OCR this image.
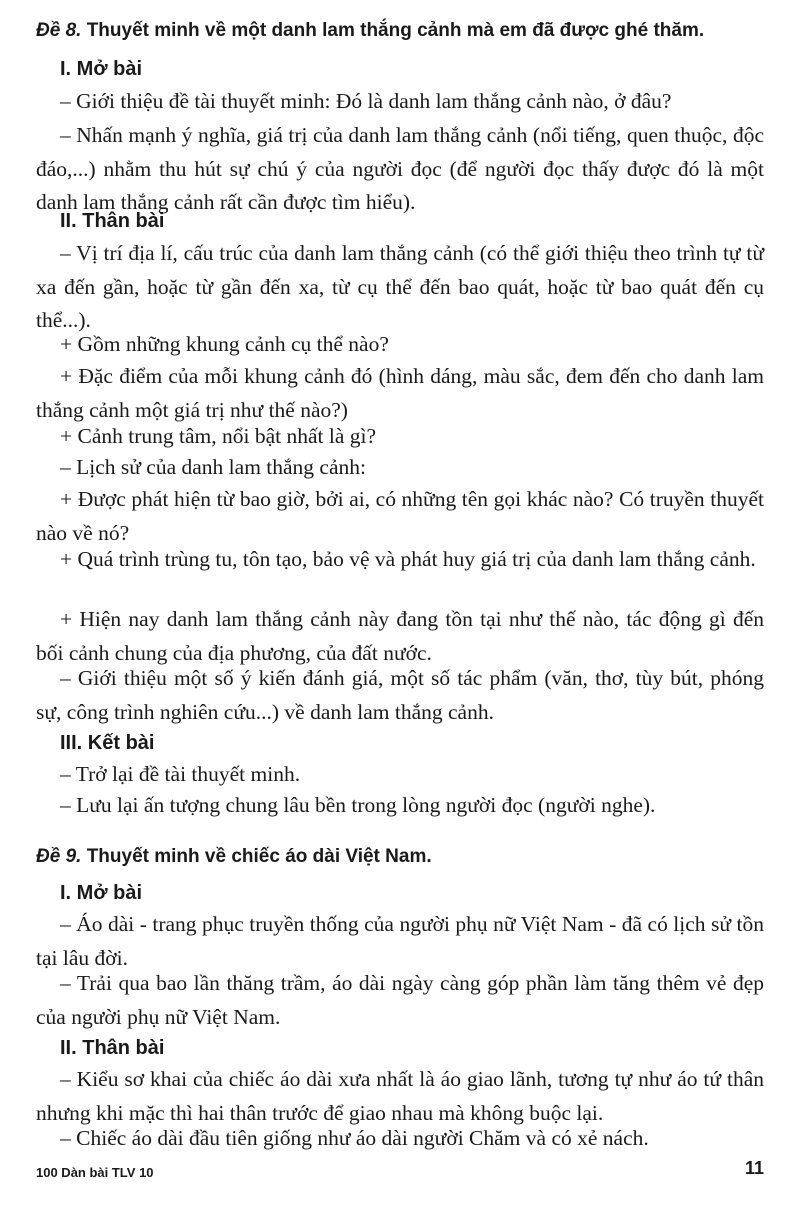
Đề 8. Thuyết minh về một danh lam thắng cảnh mà em đã được ghé thăm.
I. Mở bài
– Giới thiệu đề tài thuyết minh: Đó là danh lam thắng cảnh nào, ở đâu?
– Nhấn mạnh ý nghĩa, giá trị của danh lam thắng cảnh (nổi tiếng, quen thuộc, độc đáo,...) nhằm thu hút sự chú ý của người đọc (để người đọc thấy được đó là một danh lam thắng cảnh rất cần được tìm hiểu).
II. Thân bài
– Vị trí địa lí, cấu trúc của danh lam thắng cảnh (có thể giới thiệu theo trình tự từ xa đến gần, hoặc từ gần đến xa, từ cụ thể đến bao quát, hoặc từ bao quát đến cụ thể...).
+ Gồm những khung cảnh cụ thể nào?
+ Đặc điểm của mỗi khung cảnh đó (hình dáng, màu sắc, đem đến cho danh lam thắng cảnh một giá trị như thế nào?)
+ Cảnh trung tâm, nổi bật nhất là gì?
– Lịch sử của danh lam thắng cảnh:
+ Được phát hiện từ bao giờ, bởi ai, có những tên gọi khác nào? Có truyền thuyết nào về nó?
+ Quá trình trùng tu, tôn tạo, bảo vệ và phát huy giá trị của danh lam thắng cảnh.
+ Hiện nay danh lam thắng cảnh này đang tồn tại như thế nào, tác động gì đến bối cảnh chung của địa phương, của đất nước.
– Giới thiệu một số ý kiến đánh giá, một số tác phẩm (văn, thơ, tùy bút, phóng sự, công trình nghiên cứu...) về danh lam thắng cảnh.
III. Kết bài
– Trở lại đề tài thuyết minh.
– Lưu lại ấn tượng chung lâu bền trong lòng người đọc (người nghe).
Đề 9. Thuyết minh về chiếc áo dài Việt Nam.
I. Mở bài
– Áo dài - trang phục truyền thống của người phụ nữ Việt Nam - đã có lịch sử tồn tại lâu đời.
– Trải qua bao lần thăng trầm, áo dài ngày càng góp phần làm tăng thêm vẻ đẹp của người phụ nữ Việt Nam.
II. Thân bài
– Kiểu sơ khai của chiếc áo dài xưa nhất là áo giao lãnh, tương tự như áo tứ thân nhưng khi mặc thì hai thân trước để giao nhau mà không buộc lại.
– Chiếc áo dài đầu tiên giống như áo dài người Chăm và có xẻ nách.
100 Dàn bài TLV 10	11
